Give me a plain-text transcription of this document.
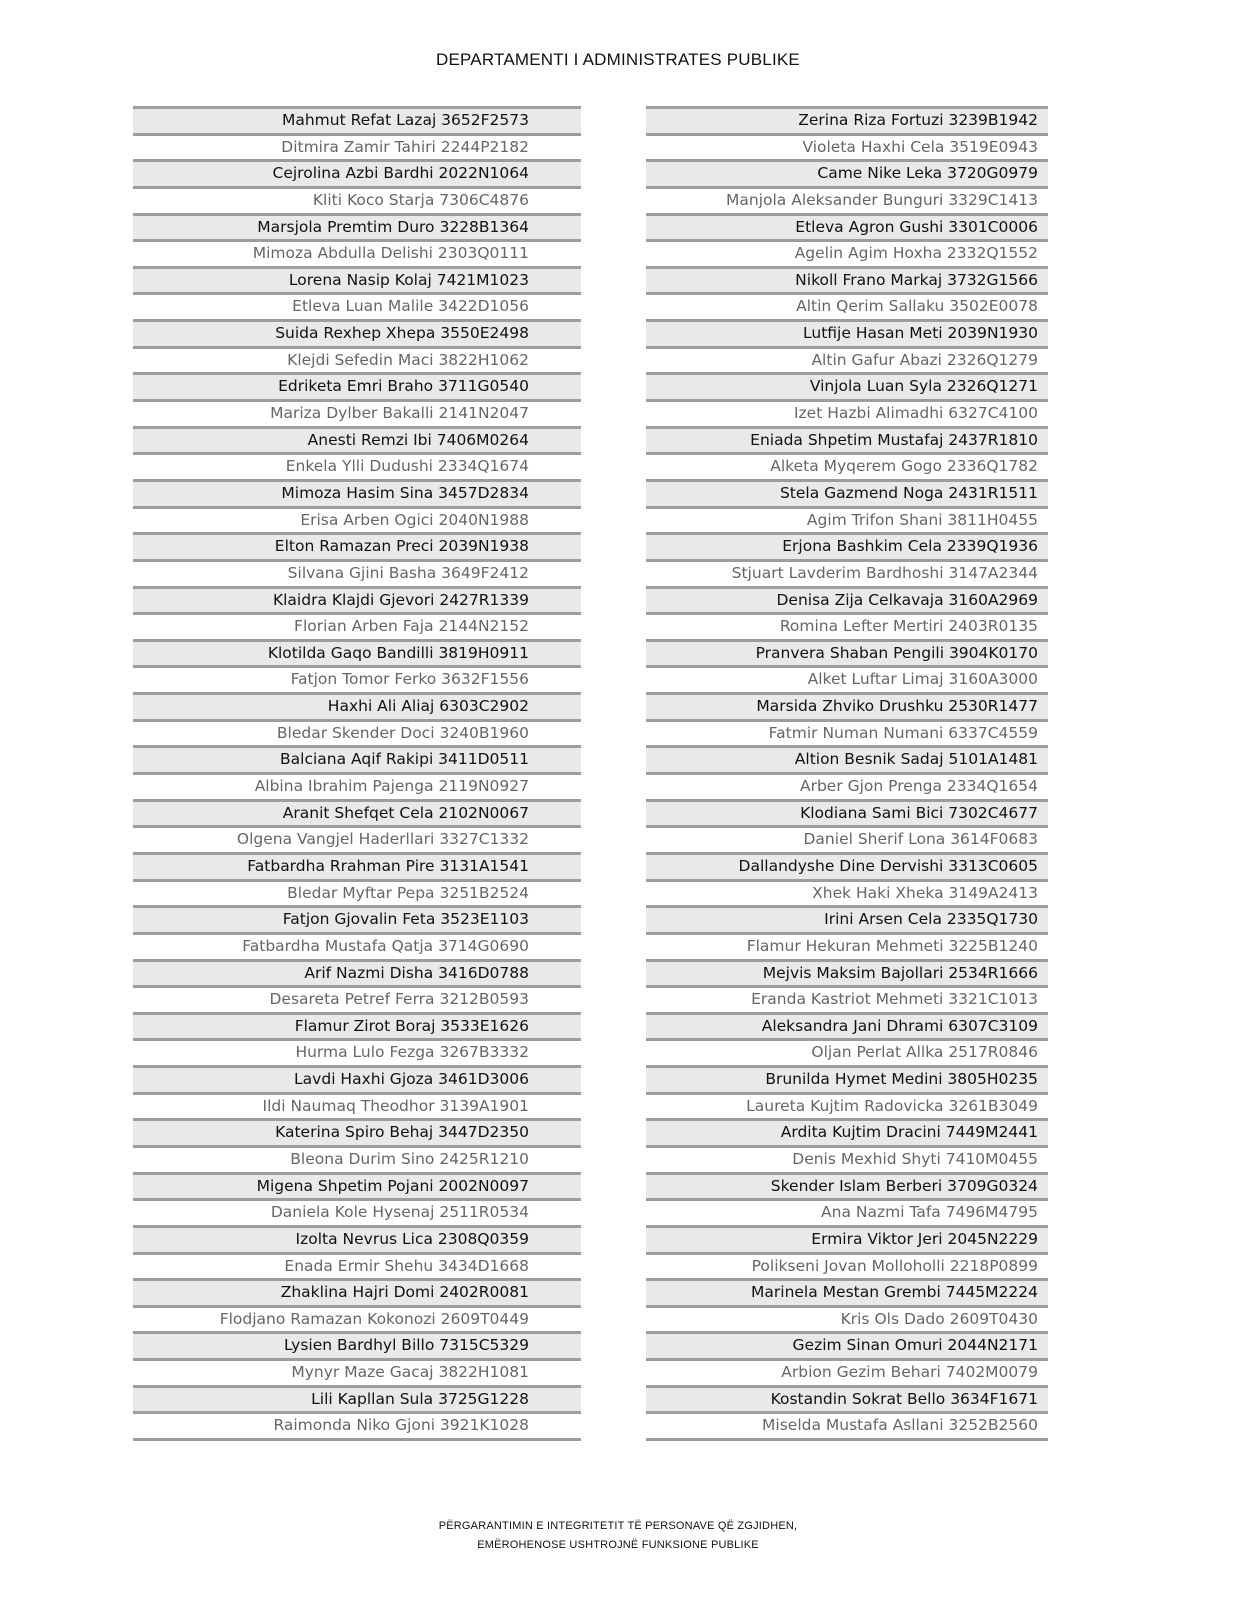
DEPARTAMENTI I ADMINISTRATES PUBLIKE
Mahmut Refat Lazaj 3652F2573
Ditmira Zamir Tahiri 2244P2182
Cejrolina Azbi Bardhi 2022N1064
Kliti Koco Starja 7306C4876
Marsjola Premtim Duro 3228B1364
Mimoza Abdulla Delishi 2303Q0111
Lorena Nasip Kolaj 7421M1023
Etleva Luan Malile 3422D1056
Suida Rexhep Xhepa 3550E2498
Klejdi Sefedin Maci 3822H1062
Edriketa Emri Braho 3711G0540
Mariza Dylber Bakalli 2141N2047
Anesti Remzi Ibi 7406M0264
Enkela Ylli Dudushi 2334Q1674
Mimoza Hasim Sina 3457D2834
Erisa Arben Ogici 2040N1988
Elton Ramazan Preci 2039N1938
Silvana Gjini Basha 3649F2412
Klaidra Klajdi Gjevori 2427R1339
Florian Arben Faja 2144N2152
Klotilda Gaqo Bandilli 3819H0911
Fatjon Tomor Ferko 3632F1556
Haxhi Ali Aliaj 6303C2902
Bledar Skender Doci 3240B1960
Balciana Aqif Rakipi 3411D0511
Albina Ibrahim Pajenga 2119N0927
Aranit Shefqet Cela 2102N0067
Olgena Vangjel Haderllari 3327C1332
Fatbardha Rrahman Pire 3131A1541
Bledar Myftar Pepa 3251B2524
Fatjon Gjovalin Feta 3523E1103
Fatbardha Mustafa Qatja 3714G0690
Arif Nazmi Disha 3416D0788
Desareta Petref Ferra 3212B0593
Flamur Zirot Boraj 3533E1626
Hurma Lulo Fezga 3267B3332
Lavdi Haxhi Gjoza 3461D3006
Ildi Naumaq Theodhor 3139A1901
Katerina Spiro Behaj 3447D2350
Bleona Durim Sino 2425R1210
Migena Shpetim Pojani 2002N0097
Daniela Kole Hysenaj 2511R0534
Izolta Nevrus Lica 2308Q0359
Enada Ermir Shehu 3434D1668
Zhaklina Hajri Domi 2402R0081
Flodjano Ramazan Kokonozi 2609T0449
Lysien Bardhyl Billo 7315C5329
Mynyr Maze Gacaj 3822H1081
Lili Kapllan Sula 3725G1228
Raimonda Niko Gjoni 3921K1028
Zerina Riza Fortuzi 3239B1942
Violeta Haxhi Cela 3519E0943
Came Nike Leka 3720G0979
Manjola Aleksander Bunguri 3329C1413
Etleva Agron Gushi 3301C0006
Agelin Agim Hoxha 2332Q1552
Nikoll Frano Markaj 3732G1566
Altin Qerim Sallaku 3502E0078
Lutfije Hasan Meti 2039N1930
Altin Gafur Abazi 2326Q1279
Vinjola Luan Syla 2326Q1271
Izet Hazbi Alimadhi 6327C4100
Eniada Shpetim Mustafaj 2437R1810
Alketa Myqerem Gogo 2336Q1782
Stela Gazmend Noga 2431R1511
Agim Trifon Shani 3811H0455
Erjona Bashkim Cela 2339Q1936
Stjuart Lavderim Bardhoshi 3147A2344
Denisa Zija Celkavaja 3160A2969
Romina Lefter Mertiri 2403R0135
Pranvera Shaban Pengili 3904K0170
Alket Luftar Limaj 3160A3000
Marsida Zhviko Drushku 2530R1477
Fatmir Numan Numani 6337C4559
Altion Besnik Sadaj 5101A1481
Arber Gjon Prenga 2334Q1654
Klodiana Sami Bici 7302C4677
Daniel Sherif Lona 3614F0683
Dallandyshe Dine Dervishi 3313C0605
Xhek Haki Xheka 3149A2413
Irini Arsen Cela 2335Q1730
Flamur Hekuran Mehmeti 3225B1240
Mejvis Maksim Bajollari 2534R1666
Eranda Kastriot Mehmeti 3321C1013
Aleksandra Jani Dhrami 6307C3109
Oljan Perlat Allka 2517R0846
Brunilda Hymet Medini 3805H0235
Laureta Kujtim Radovicka 3261B3049
Ardita Kujtim Dracini 7449M2441
Denis Mexhid Shyti 7410M0455
Skender Islam Berberi 3709G0324
Ana Nazmi Tafa 7496M4795
Ermira Viktor Jeri 2045N2229
Polikseni Jovan Molloholli 2218P0899
Marinela Mestan Grembi 7445M2224
Kris Ols Dado 2609T0430
Gezim Sinan Omuri 2044N2171
Arbion Gezim Behari 7402M0079
Kostandin Sokrat Bello 3634F1671
Miselda Mustafa Asllani 3252B2560
PËRGARANTIMIN E INTEGRITETIT TË PERSONAVE QË ZGJIDHEN,
EMËROHENOSE USHTROJNË FUNKSIONE PUBLIKE
